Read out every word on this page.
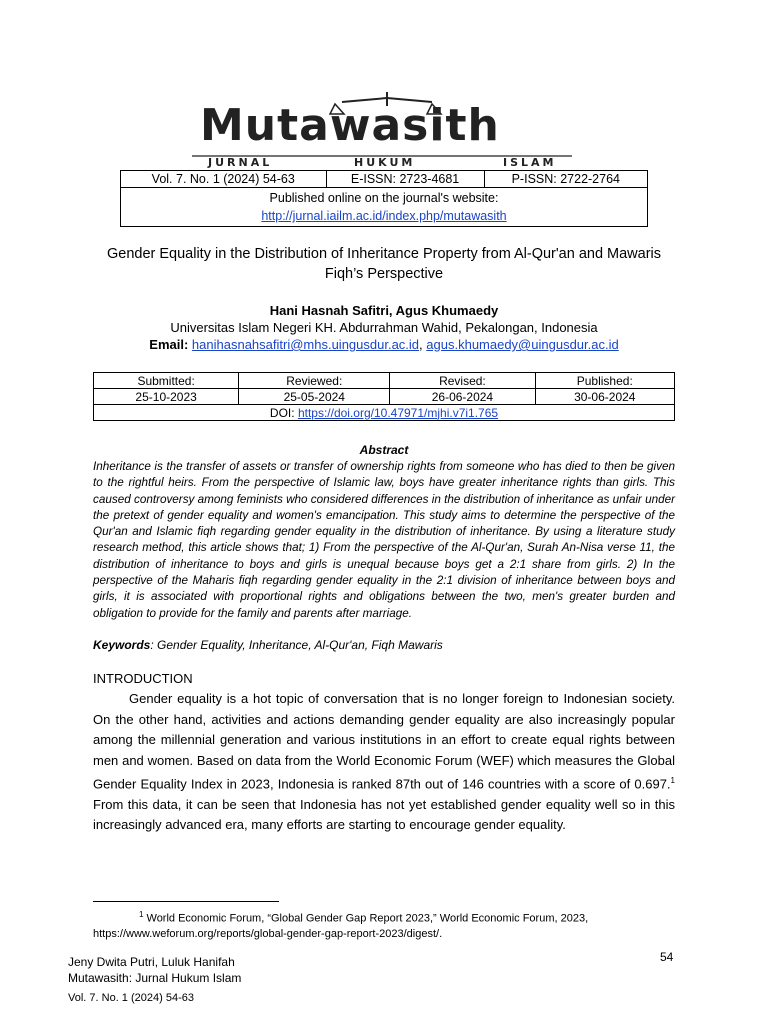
Mutawasith
JURNAL	HUKUM	ISLAM
Vol. 7. No. 1 (2024) 54-63	E-ISSN: 2723-4681	P-ISSN: 2722-2764

Published online on the journal's website:
http://jurnal.iailm.ac.id/index.php/mutawasith
Gender Equality in the Distribution of Inheritance Property from Al-Qur'an and Mawaris
Fiqh’s Perspective
Hani Hasnah Safitri, Agus Khumaedy
Universitas Islam Negeri KH. Abdurrahman Wahid, Pekalongan, Indonesia
Email: hanihasnahsafitri@mhs.uingusdur.ac.id, agus.khumaedy@uingusdur.ac.id
Submitted:	Reviewed:	Revised:	Published:
25-10-2023	25-05-2024	26-06-2024	30-06-2024
DOI: https://doi.org/10.47971/mjhi.v7i1.765			
Abstract
Inheritance is the transfer of assets or transfer of ownership rights from someone who has died to then be given to the rightful heirs. From the perspective of Islamic law, boys have greater inheritance rights than girls. This caused controversy among feminists who considered differences in the distribution of inheritance as unfair under the pretext of gender equality and women's emancipation. This study aims to determine the perspective of the Qur'an and Islamic fiqh regarding gender equality in the distribution of inheritance. By using a literature study research method, this article shows that; 1) From the perspective of the Al-Qur'an, Surah An-Nisa verse 11, the distribution of inheritance to boys and girls is unequal because boys get a 2:1 share from girls. 2) In the perspective of the Maharis fiqh regarding gender equality in the 2:1 division of inheritance between boys and girls, it is associated with proportional rights and obligations between the two, men's greater burden and obligation to provide for the family and parents after marriage.
Keywords: Gender Equality, Inheritance, Al-Qur'an, Fiqh Mawaris
INTRODUCTION
Gender equality is a hot topic of conversation that is no longer foreign to Indonesian society. On the other hand, activities and actions demanding gender equality are also increasingly popular among the millennial generation and various institutions in an effort to create equal rights between men and women. Based on data from the World Economic Forum (WEF) which measures the Global Gender Equality Index in 2023, Indonesia is ranked 87th out of 146 countries with a score of 0.697.$^1$ From this data, it can be seen that Indonesia has not yet established gender equality well so in this increasingly advanced era, many efforts are starting to encourage gender equality.
$^1$ World Economic Forum, “Global Gender Gap Report 2023,” World Economic Forum, 2023,
https://www.weforum.org/reports/global-gender-gap-report-2023/digest/.
Jeny Dwita Putri, Luluk Hanifah
Mutawasith: Jurnal Hukum Islam
Vol. 7. No. 1 (2024) 54-63
54
